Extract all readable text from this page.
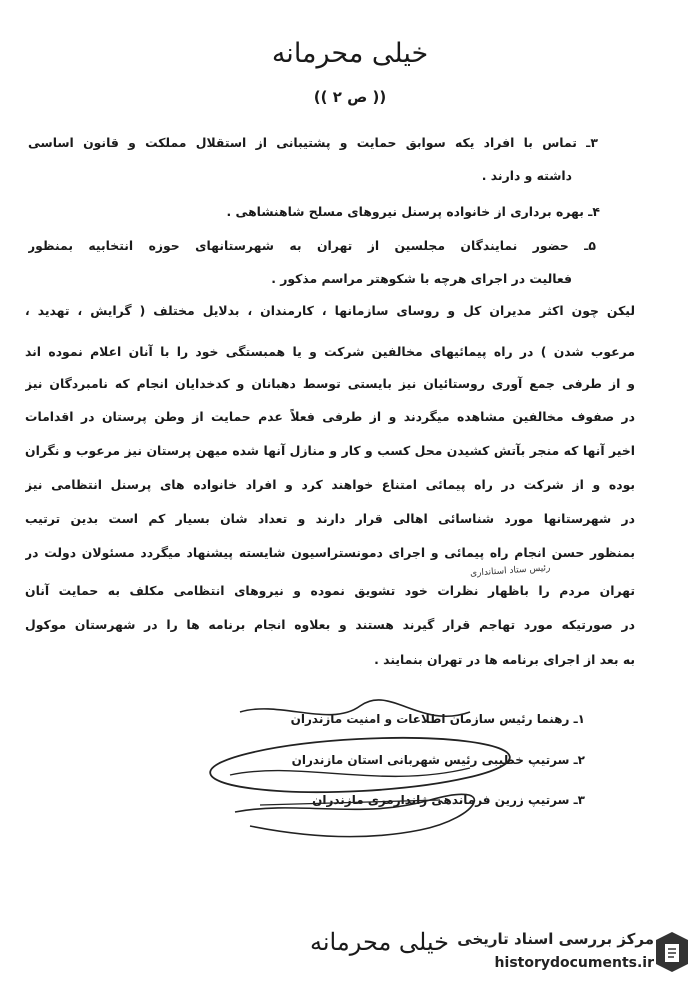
خیلی محرمانه
(( ص ۲ ))
۳ـ تماس با افراد یکه سوابق حمایت و پشتیبانی از استقلال مملکت و قانون اساسی
داشته و دارند .
۴ـ بهره برداری از خانواده پرسنل نیروهای مسلح شاهنشاهی .
۵ـ حضور نمایندگان مجلسین از تهران به شهرستانهای حوزه انتخابیه بمنظور
فعالیت در اجرای هرچه با شکوهتر مراسم مذکور .
لیکن چون اکثر مدیران کل و روسای سازمانها ، کارمندان ، بدلایل مختلف ( گرایش ، تهدید ،
مرعوب شدن ) در راه پیمائیهای مخالفین شرکت و یا همبستگی خود را با آنان اعلام نموده اند
و از طرفی جمع آوری روستائیان نیز بایستی توسط دهبانان و کدخدایان انجام که نامبردگان نیز
در صفوف مخالفین مشاهده میگردند و از طرفی فعلاً عدم حمایت از وطن پرستان در اقدامات
اخیر آنها که منجر بآتش کشیدن محل کسب و کار و منازل آنها شده میهن پرستان نیز مرعوب و نگران
بوده و از شرکت در راه پیمائی امتناع خواهند کرد و افراد خانواده های پرسنل انتظامی نیز
در شهرستانها مورد شناسائی اهالی قرار دارند و تعداد شان بسیار کم است بدین ترتیب
بمنظور حسن انجام راه پیمائی و اجرای دمونستراسیون شایسته پیشنهاد میگردد مسئولان دولت در
رئیس ستاد استانداری
تهران مردم را باظهار نظرات خود تشویق نموده و نیروهای انتظامی مکلف به حمایت آنان
در صورتیکه مورد تهاجم قرار گیرند هستند و بعلاوه انجام برنامه ها را در شهرستان موکول
به بعد از اجرای برنامه ها در تهران بنمایند .
۱ـ رهنما رئیس سازمان اطلاعات و امنیت مازندران
۲ـ سرتیپ خطیبی رئیس شهربانی استان مازندران
۳ـ سرتیپ زرین فرماندهی ژاندارمری مازندران
خیلی محرمانه مرکز بررسی اسناد تاریخی
historydocuments.ir
